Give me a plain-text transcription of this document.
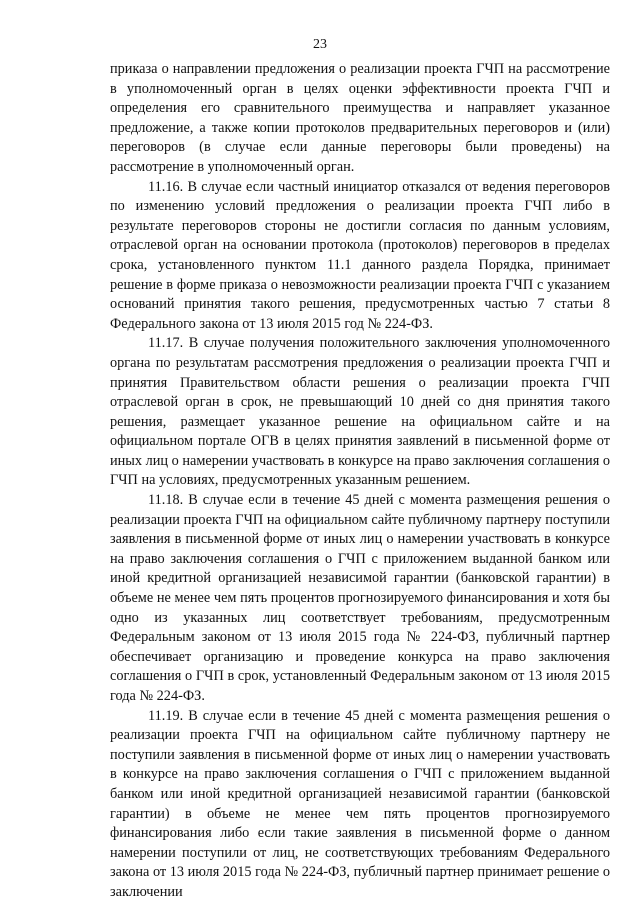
23

приказа о направлении предложения о реализации проекта ГЧП на рассмотрение в уполномоченный орган в целях оценки эффективности проекта ГЧП и определения его сравнительного преимущества и направляет указанное предложение, а также копии протоколов предварительных переговоров и (или) переговоров (в случае если данные переговоры были проведены) на рассмотрение в уполномоченный орган.

11.16. В случае если частный инициатор отказался от ведения переговоров по изменению условий предложения о реализации проекта ГЧП либо в результате переговоров стороны не достигли согласия по данным условиям, отраслевой орган на основании протокола (протоколов) переговоров в пределах срока, установленного пунктом 11.1 данного раздела Порядка, принимает решение в форме приказа о невозможности реализации проекта ГЧП с указанием оснований принятия такого решения, предусмотренных частью 7 статьи 8 Федерального закона от 13 июля 2015 год № 224-ФЗ.

11.17. В случае получения положительного заключения уполномоченного органа по результатам рассмотрения предложения о реализации проекта ГЧП и принятия Правительством области решения о реализации проекта ГЧП отраслевой орган в срок, не превышающий 10 дней со дня принятия такого решения, размещает указанное решение на официальном сайте и на официальном портале ОГВ в целях принятия заявлений в письменной форме от иных лиц о намерении участвовать в конкурсе на право заключения соглашения о ГЧП на условиях, предусмотренных указанным решением.

11.18. В случае если в течение 45 дней с момента размещения решения о реализации проекта ГЧП на официальном сайте публичному партнеру поступили заявления в письменной форме от иных лиц о намерении участвовать в конкурсе на право заключения соглашения о ГЧП с приложением выданной банком или иной кредитной организацией независимой гарантии (банковской гарантии) в объеме не менее чем пять процентов прогнозируемого финансирования и хотя бы одно из указанных лиц соответствует требованиям, предусмотренным Федеральным законом от 13 июля 2015 года № 224-ФЗ, публичный партнер обеспечивает организацию и проведение конкурса на право заключения соглашения о ГЧП в срок, установленный Федеральным законом от 13 июля 2015 года № 224-ФЗ.

11.19. В случае если в течение 45 дней с момента размещения решения о реализации проекта ГЧП на официальном сайте публичному партнеру не поступили заявления в письменной форме от иных лиц о намерении участвовать в конкурсе на право заключения соглашения о ГЧП с приложением выданной банком или иной кредитной организацией независимой гарантии (банковской гарантии) в объеме не менее чем пять процентов прогнозируемого финансирования либо если такие заявления в письменной форме о данном намерении поступили от лиц, не соответствующих требованиям Федерального закона от 13 июля 2015 года № 224-ФЗ, публичный партнер принимает решение о заключении
